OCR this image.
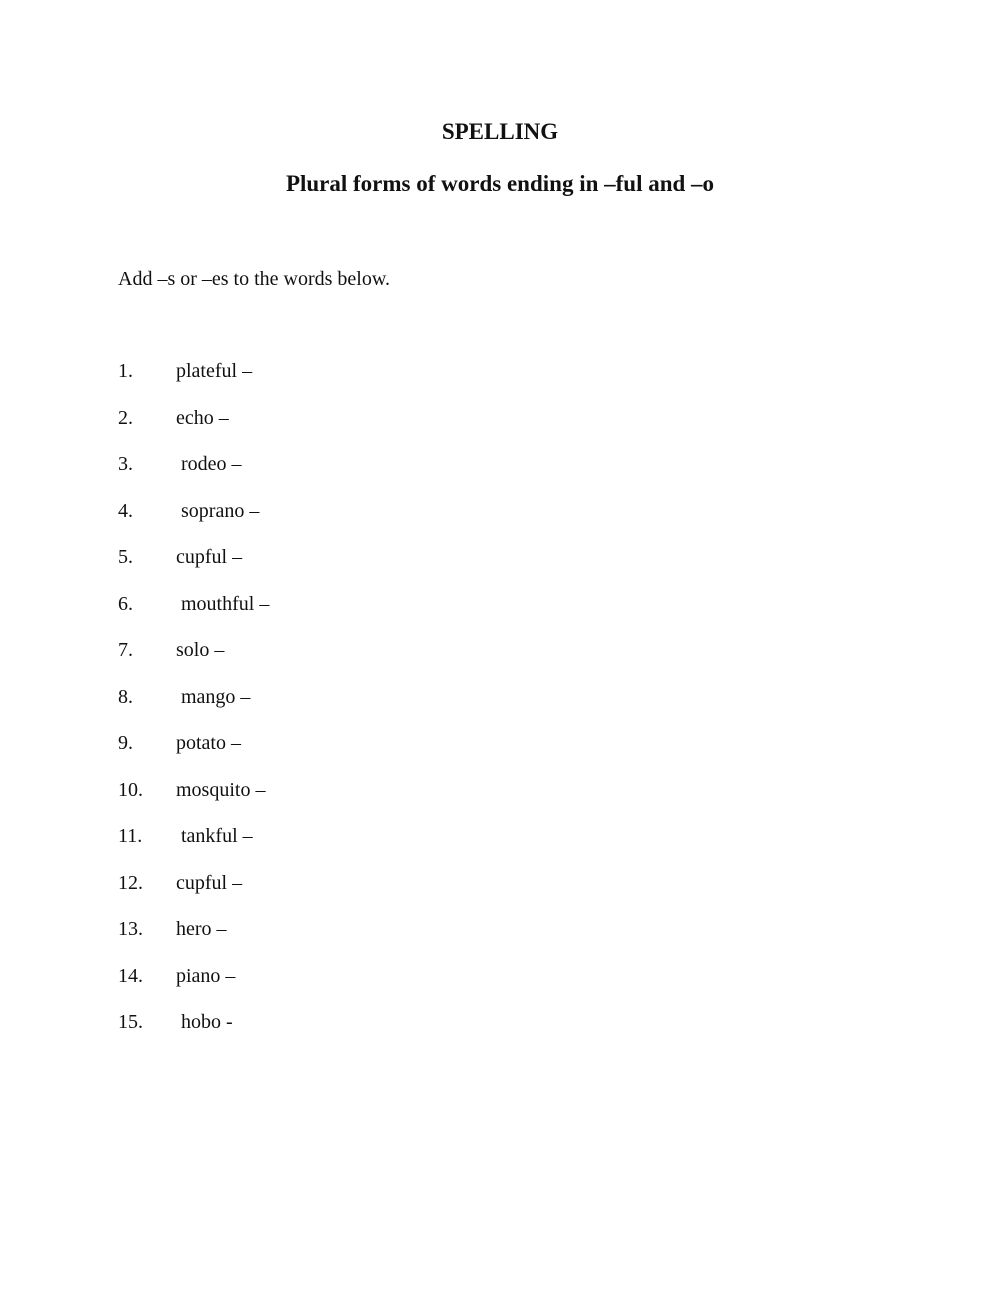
SPELLING
Plural forms of words ending in –ful and –o

Add –s or –es to the words below.

1.	plateful –
2.	echo –
3.	rodeo –
4.	soprano –
5.	cupful –
6.	mouthful –
7.	solo –
8.	mango –
9.	potato –
10.	mosquito –
11.	tankful –
12.	cupful –
13.	hero –
14.	piano –
15.	hobo -
